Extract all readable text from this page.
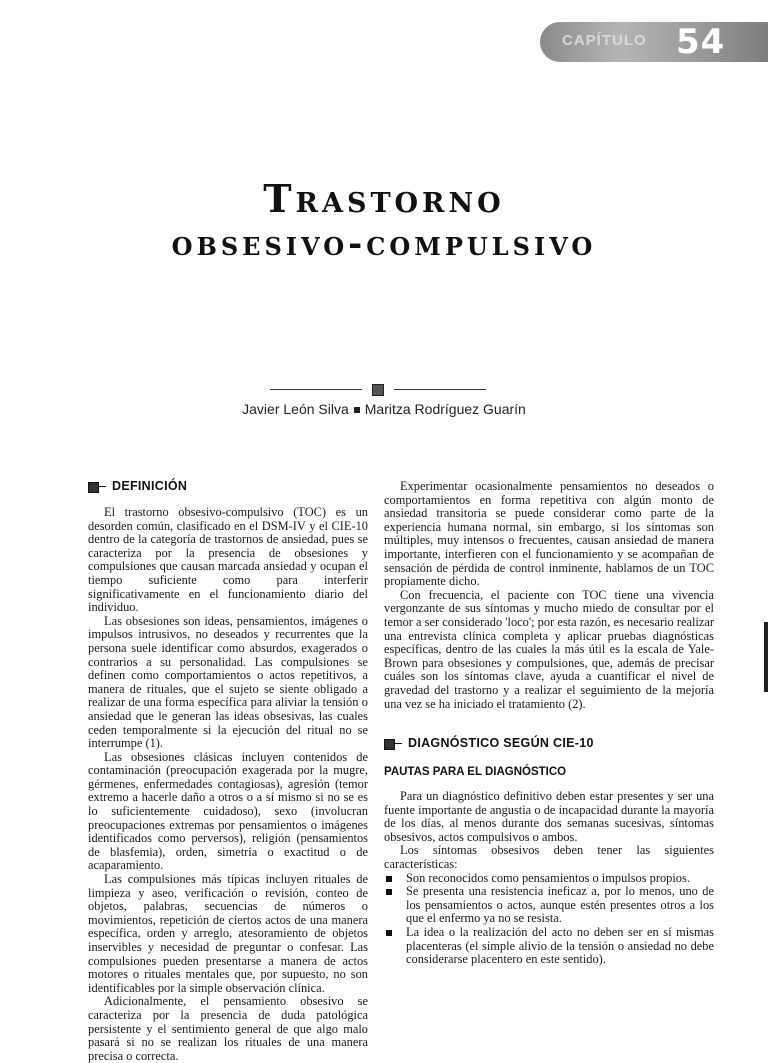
CAPÍTULO 54
Trastorno
obsesivo-compulsivo
Javier León Silva Maritza Rodríguez Guarín
DEFINICIÓN

El trastorno obsesivo-compulsivo (TOC) es un desorden común, clasificado en el DSM-IV y el CIE-10 dentro de la categoría de trastornos de ansiedad, pues se caracteriza por la presencia de obsesiones y compulsiones que causan marcada ansiedad y ocupan el tiempo suficiente como para interferir significativamente en el funcionamiento diario del individuo.

Las obsesiones son ideas, pensamientos, imágenes o impulsos intrusivos, no deseados y recurrentes que la persona suele identificar como absurdos, exagerados o contrarios a su personalidad. Las compulsiones se definen como comportamientos o actos repetitivos, a manera de rituales, que el sujeto se siente obligado a realizar de una forma específica para aliviar la tensión o ansiedad que le generan las ideas obsesivas, las cuales ceden temporalmente si la ejecución del ritual no se interrumpe (1).

Las obsesiones clásicas incluyen contenidos de contaminación (preocupación exagerada por la mugre, gérmenes, enfermedades contagiosas), agresión (temor extremo a hacerle daño a otros o a sí mismo si no se es lo suficientemente cuidadoso), sexo (involucran preocupaciones extremas por pensamientos o imágenes identificados como perversos), religión (pensamientos de blasfemia), orden, simetría o exactitud o de acaparamiento.

Las compulsiones más típicas incluyen rituales de limpieza y aseo, verificación o revisión, conteo de objetos, palabras, secuencias de números o movimientos, repetición de ciertos actos de una manera específica, orden y arreglo, atesoramiento de objetos inservibles y necesidad de preguntar o confesar. Las compulsiones pueden presentarse a manera de actos motores o rituales mentales que, por supuesto, no son identificables por la simple observación clínica.

Adicionalmente, el pensamiento obsesivo se caracteriza por la presencia de duda patológica persistente y el sentimiento general de que algo malo pasará si no se realizan los rituales de una manera precisa o correcta.

Experimentar ocasionalmente pensamientos no deseados o comportamientos en forma repetitiva con algún monto de ansiedad transitoria se puede considerar como parte de la experiencia humana normal, sin embargo, si los síntomas son múltiples, muy intensos o frecuentes, causan ansiedad de manera importante, interfieren con el funcionamiento y se acompañan de sensación de pérdida de control inminente, hablamos de un TOC propiamente dicho.

Con frecuencia, el paciente con TOC tiene una vivencia vergonzante de sus síntomas y mucho miedo de consultar por el temor a ser considerado 'loco'; por esta razón, es necesario realizar una entrevista clínica completa y aplicar pruebas diagnósticas específicas, dentro de las cuales la más útil es la escala de Yale-Brown para obsesiones y compulsiones, que, además de precisar cuáles son los síntomas clave, ayuda a cuantificar el nivel de gravedad del trastorno y a realizar el seguimiento de la mejoría una vez se ha iniciado el tratamiento (2).

DIAGNÓSTICO SEGÚN CIE-10
PAUTAS PARA EL DIAGNÓSTICO

Para un diagnóstico definitivo deben estar presentes y ser una fuente importante de angustia o de incapacidad durante la mayoría de los días, al menos durante dos semanas sucesivas, síntomas obsesivos, actos compulsivos o ambos.

Los síntomas obsesivos deben tener las siguientes características:

Son reconocidos como pensamientos o impulsos propios.
Se presenta una resistencia ineficaz a, por lo menos, uno de los pensamientos o actos, aunque estén presentes otros a los que el enfermo ya no se resista.
La idea o la realización del acto no deben ser en sí mismas placenteras (el simple alivio de la tensión o ansiedad no debe considerarse placentero en este sentido).
